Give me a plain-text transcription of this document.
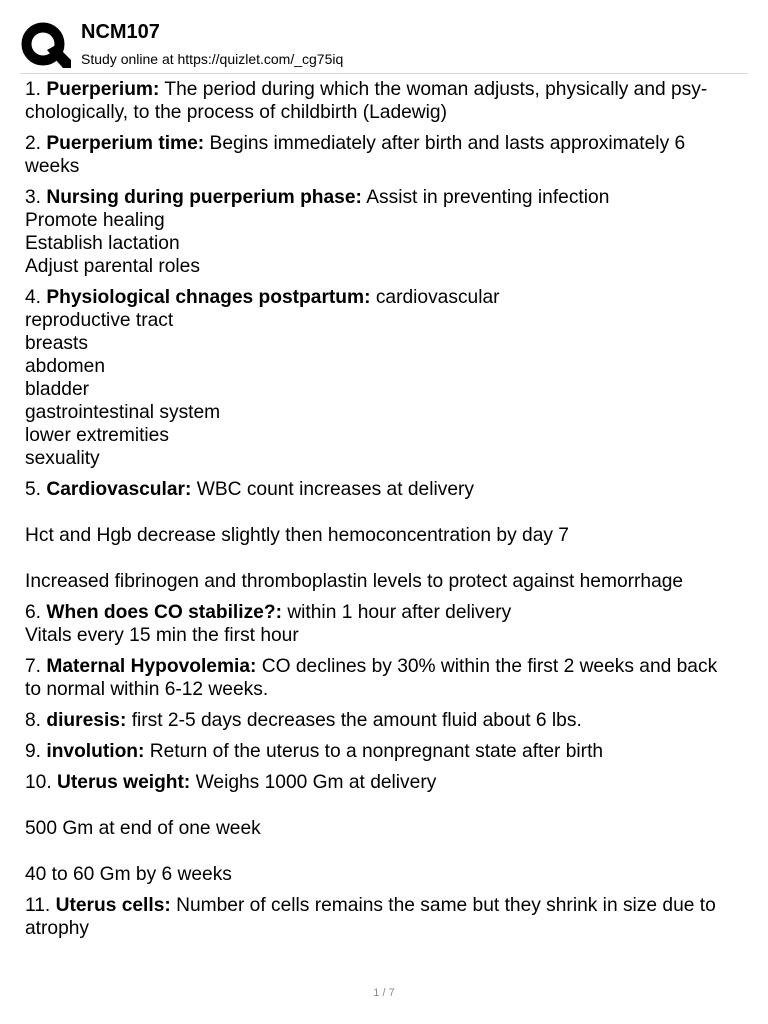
NCM107
Study online at https://quizlet.com/_cg75iq
1. Puerperium: The period during which the woman adjusts, physically and psy-
chologically, to the process of childbirth (Ladewig)
2. Puerperium time: Begins immediately after birth and lasts approximately 6
weeks
3. Nursing during puerperium phase: Assist in preventing infection
Promote healing
Establish lactation
Adjust parental roles
4. Physiological chnages postpartum: cardiovascular
reproductive tract
breasts
abdomen
bladder
gastrointestinal system
lower extremities
sexuality
5. Cardiovascular: WBC count increases at delivery
Hct and Hgb decrease slightly then hemoconcentration by day 7
Increased fibrinogen and thromboplastin levels to protect against hemorrhage
6. When does CO stabilize?: within 1 hour after delivery
Vitals every 15 min the first hour
7. Maternal Hypovolemia: CO declines by 30% within the first 2 weeks and back
to normal within 6-12 weeks.
8. diuresis: first 2-5 days decreases the amount fluid about 6 lbs.
9. involution: Return of the uterus to a nonpregnant state after birth
10. Uterus weight: Weighs 1000 Gm at delivery
500 Gm at end of one week
40 to 60 Gm by 6 weeks
11. Uterus cells: Number of cells remains the same but they shrink in size due to
atrophy
1 / 7
